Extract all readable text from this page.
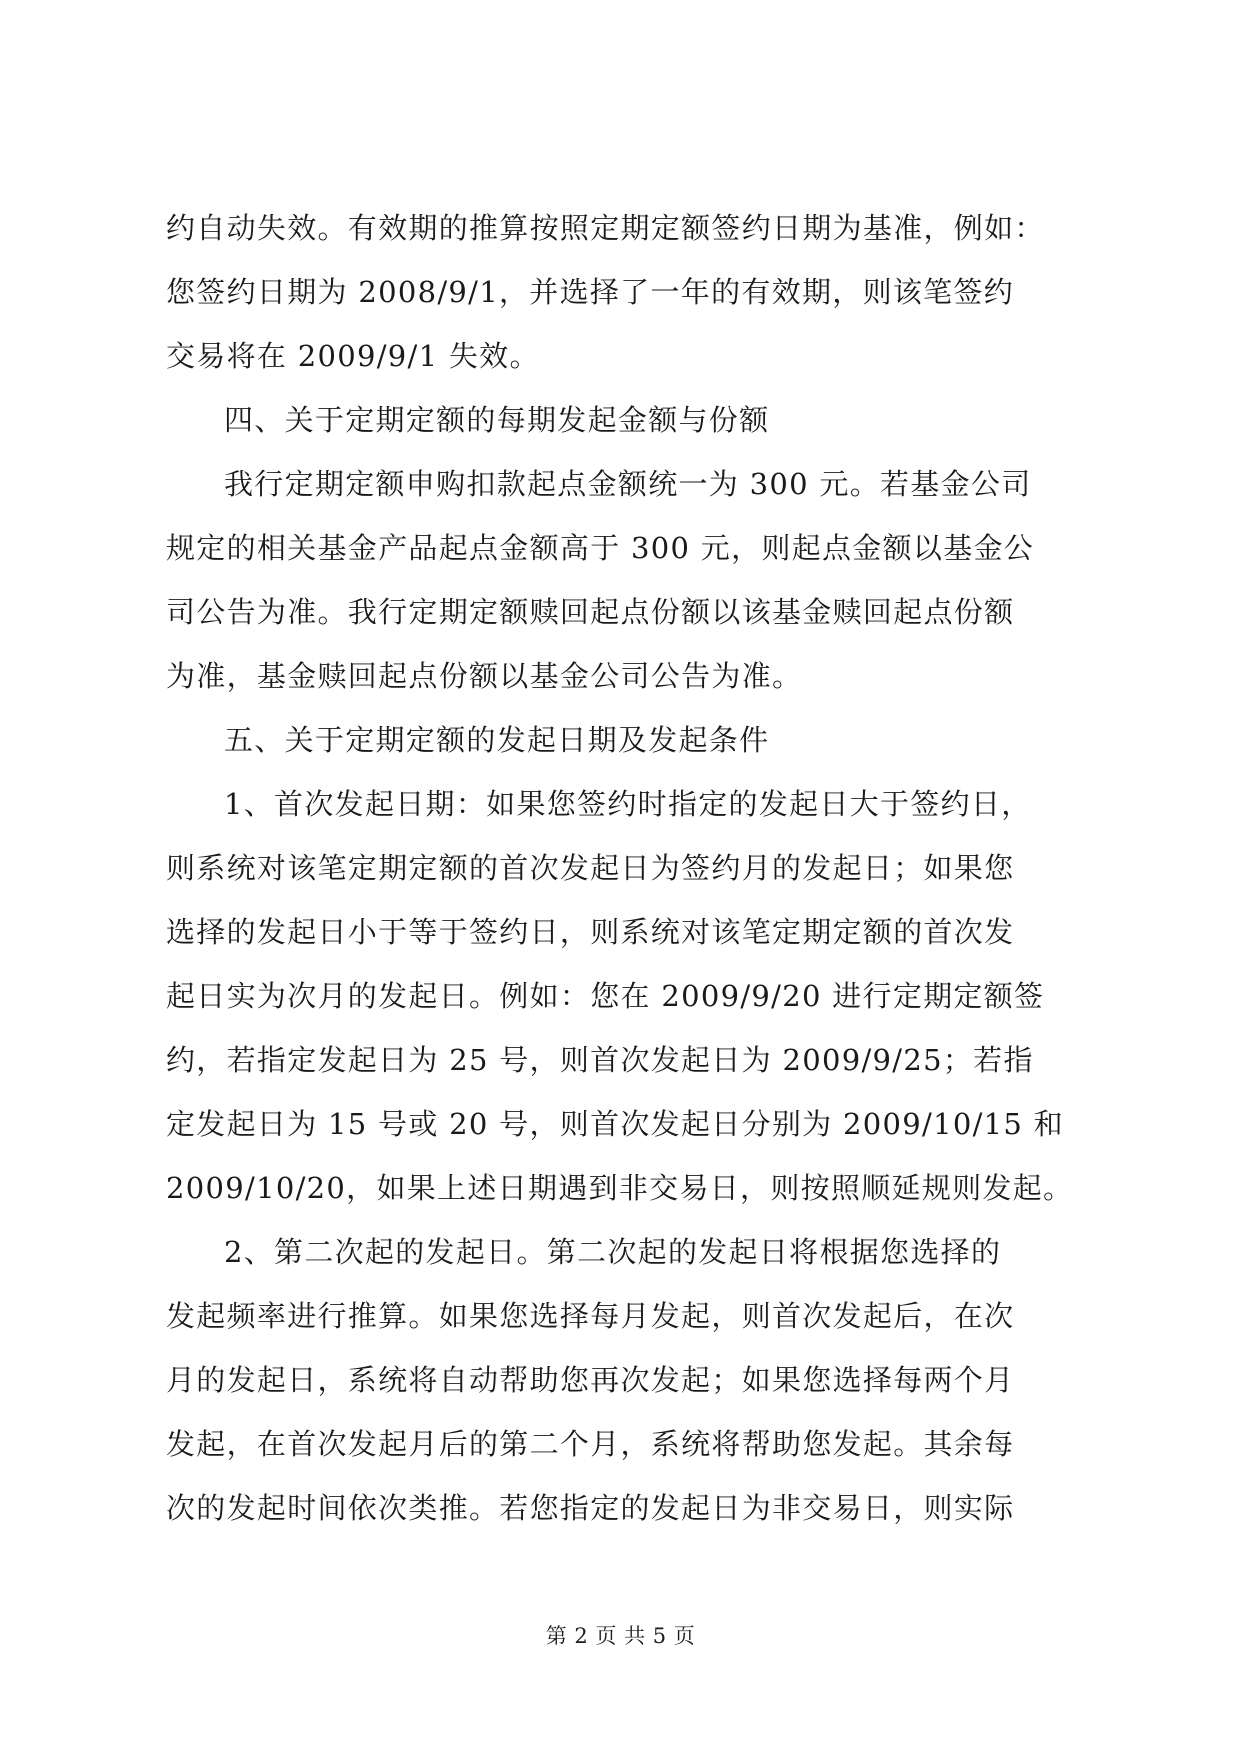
约自动失效。有效期的推算按照定期定额签约日期为基准，例如：
您签约日期为 2008/9/1，并选择了一年的有效期，则该笔签约
交易将在 2009/9/1 失效。
四、关于定期定额的每期发起金额与份额
我行定期定额申购扣款起点金额统一为 300 元。若基金公司
规定的相关基金产品起点金额高于 300 元，则起点金额以基金公
司公告为准。我行定期定额赎回起点份额以该基金赎回起点份额
为准，基金赎回起点份额以基金公司公告为准。
五、关于定期定额的发起日期及发起条件
1、首次发起日期：如果您签约时指定的发起日大于签约日，
则系统对该笔定期定额的首次发起日为签约月的发起日；如果您
选择的发起日小于等于签约日，则系统对该笔定期定额的首次发
起日实为次月的发起日。例如：您在 2009/9/20 进行定期定额签
约，若指定发起日为 25 号，则首次发起日为 2009/9/25；若指
定发起日为 15 号或 20 号，则首次发起日分别为 2009/10/15 和
2009/10/20，如果上述日期遇到非交易日，则按照顺延规则发起。
2、第二次起的发起日。第二次起的发起日将根据您选择的
发起频率进行推算。如果您选择每月发起，则首次发起后，在次
月的发起日，系统将自动帮助您再次发起；如果您选择每两个月
发起，在首次发起月后的第二个月，系统将帮助您发起。其余每
次的发起时间依次类推。若您指定的发起日为非交易日，则实际
第 2 页 共 5 页
